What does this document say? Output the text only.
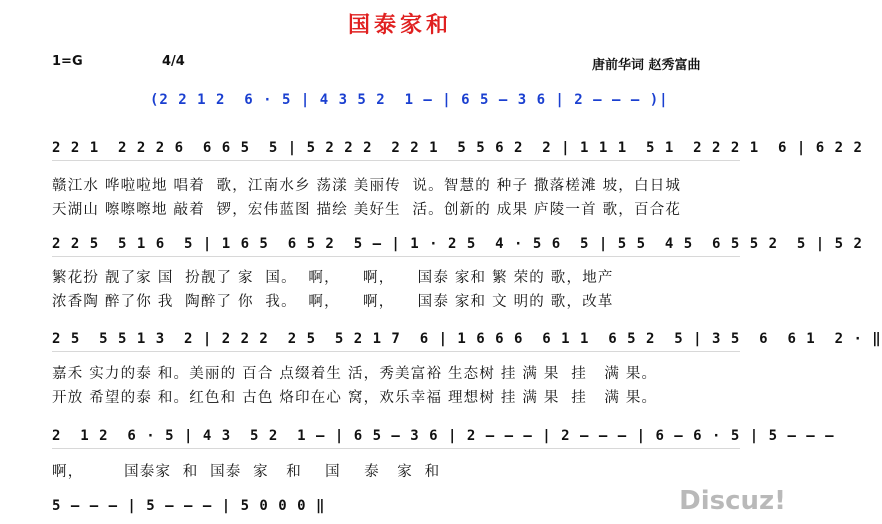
国泰家和
1=G	4/4	唐前华词 赵秀富曲
(2 2 1 2  6 · 5 | 4 3 5 2  1 – | 6 5 – 3 6 | 2 – – – )|
2 2 1  2 2 2 6  6 6 5  5 | 5 2 2 2  2 2 1  5 5 6 2  2 | 1 1 1  5 1  2 2 2 1  6 | 6 2 2
赣江水 哗啦啦地 唱着  歌，江南水乡 荡漾 美丽传  说。智慧的 种子 撒落槎滩 坡，白日城
天湖山 嚓嚓嚓地 敲着  锣，宏伟蓝图 描绘 美好生  活。创新的 成果 庐陵一首 歌，百合花
2 2 5  5 1 6  5 | 1 6 5  6 5 2  5 – | 1 · 2 5  4 · 5 6  5 | 5 5  4 5  6 5 5 2  5 | 5 2
繁花扮 靓了家 国  扮靓了 家  国。  啊，    啊，    国泰 家和 繁 荣的 歌，地产
浓香陶 醉了你 我  陶醉了 你  我。  啊，    啊，    国泰 家和 文 明的 歌，改革
2 5  5 5 1 3  2 | 2 2 2  2 5  5 2 1 7  6 | 1 6 6 6  6 1 1  6 5 2  5 | 3 5  6  6 1  2 · ‖
嘉禾 实力的泰 和。美丽的 百合 点缀着生 活，秀美富裕 生态树 挂 满 果  挂   满 果。
开放 希望的泰 和。红色和 古色 烙印在心 窝，欢乐幸福 理想树 挂 满 果  挂   满 果。
2  1 2  6 · 5 | 4 3  5 2  1 – | 6 5 – 3 6 | 2 – – – | 2 – – – | 6 – 6 · 5 | 5 – – –
啊，       国泰家  和  国泰  家   和    国    泰   家  和
5 – – – | 5 – – – | 5 0 0 0 ‖	Discuz!
